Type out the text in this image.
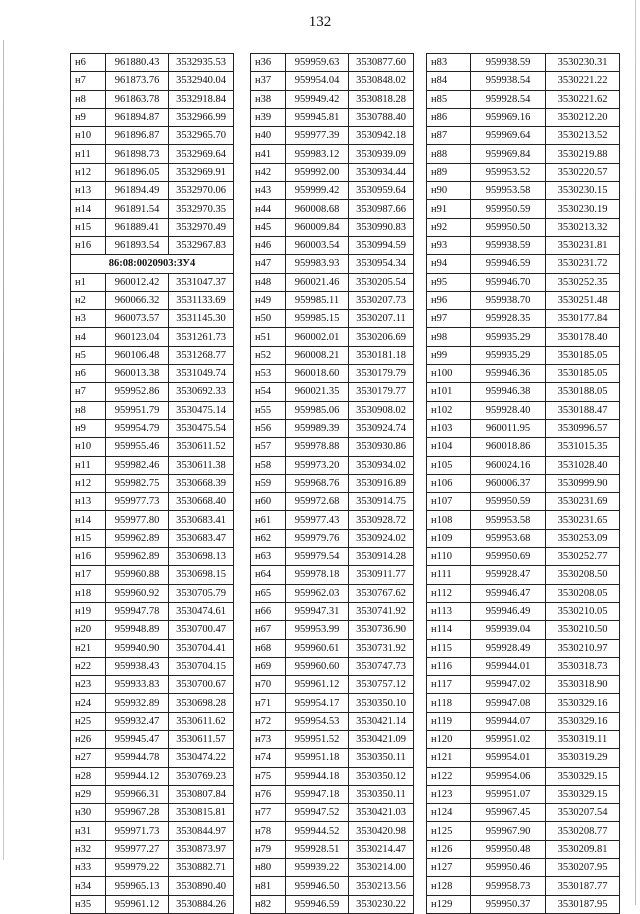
132
н6	961880.43	3532935.53
н7	961873.76	3532940.04
н8	961863.78	3532918.84
н9	961894.87	3532966.99
н10	961896.87	3532965.70
н11	961898.73	3532969.64
н12	961896.05	3532969.91
н13	961894.49	3532970.06
н14	961891.54	3532970.35
н15	961889.41	3532970.49
н16	961893.54	3532967.83
86:08:0020903:ЗУ4		
н1	960012.42	3531047.37
н2	960066.32	3531133.69
н3	960073.57	3531145.30
н4	960123.04	3531261.73
н5	960106.48	3531268.77
н6	960013.38	3531049.74
н7	959952.86	3530692.33
н8	959951.79	3530475.14
н9	959954.79	3530475.54
н10	959955.46	3530611.52
н11	959982.46	3530611.38
н12	959982.75	3530668.39
н13	959977.73	3530668.40
н14	959977.80	3530683.41
н15	959962.89	3530683.47
н16	959962.89	3530698.13
н17	959960.88	3530698.15
н18	959960.92	3530705.79
н19	959947.78	3530474.61
н20	959948.89	3530700.47
н21	959940.90	3530704.41
н22	959938.43	3530704.15
н23	959933.83	3530700.67
н24	959932.89	3530698.28
н25	959932.47	3530611.62
н26	959945.47	3530611.57
н27	959944.78	3530474.22
н28	959944.12	3530769.23
н29	959966.31	3530807.84
н30	959967.28	3530815.81
н31	959971.73	3530844.97
н32	959977.27	3530873.97
н33	959979.22	3530882.71
н34	959965.13	3530890.40
н35	959961.12	3530884.26
н36	959959.63	3530877.60
н37	959954.04	3530848.02
н38	959949.42	3530818.28
н39	959945.81	3530788.40
н40	959977.39	3530942.18
н41	959983.12	3530939.09
н42	959992.00	3530934.44
н43	959999.42	3530959.64
н44	960008.68	3530987.66
н45	960009.84	3530990.83
н46	960003.54	3530994.59
н47	959983.93	3530954.34
н48	960021.46	3530205.54
н49	959985.11	3530207.73
н50	959985.15	3530207.11
н51	960002.01	3530206.69
н52	960008.21	3530181.18
н53	960018.60	3530179.79
н54	960021.35	3530179.77
н55	959985.06	3530908.02
н56	959989.39	3530924.74
н57	959978.88	3530930.86
н58	959973.20	3530934.02
н59	959968.76	3530916.89
н60	959972.68	3530914.75
н61	959977.43	3530928.72
н62	959979.76	3530924.02
н63	959979.54	3530914.28
н64	959978.18	3530911.77
н65	959962.03	3530767.62
н66	959947.31	3530741.92
н67	959953.99	3530736.90
н68	959960.61	3530731.92
н69	959960.60	3530747.73
н70	959961.12	3530757.12
н71	959954.17	3530350.10
н72	959954.53	3530421.14
н73	959951.52	3530421.09
н74	959951.18	3530350.11
н75	959944.18	3530350.12
н76	959947.18	3530350.11
н77	959947.52	3530421.03
н78	959944.52	3530420.98
н79	959928.51	3530214.47
н80	959939.22	3530214.00
н81	959946.50	3530213.56
н82	959946.59	3530230.22
н83	959938.59	3530230.31
н84	959938.54	3530221.22
н85	959928.54	3530221.62
н86	959969.16	3530212.20
н87	959969.64	3530213.52
н88	959969.84	3530219.88
н89	959953.52	3530220.57
н90	959953.58	3530230.15
н91	959950.59	3530230.19
н92	959950.50	3530213.32
н93	959938.59	3530231.81
н94	959946.59	3530231.72
н95	959946.70	3530252.35
н96	959938.70	3530251.48
н97	959928.35	3530177.84
н98	959935.29	3530178.40
н99	959935.29	3530185.05
н100	959946.36	3530185.05
н101	959946.38	3530188.05
н102	959928.40	3530188.47
н103	960011.95	3530996.57
н104	960018.86	3531015.35
н105	960024.16	3531028.40
н106	960006.37	3530999.90
н107	959950.59	3530231.69
н108	959953.58	3530231.65
н109	959953.68	3530253.09
н110	959950.69	3530252.77
н111	959928.47	3530208.50
н112	959946.47	3530208.05
н113	959946.49	3530210.05
н114	959939.04	3530210.50
н115	959928.49	3530210.97
н116	959944.01	3530318.73
н117	959947.02	3530318.90
н118	959947.08	3530329.16
н119	959944.07	3530329.16
н120	959951.02	3530319.11
н121	959954.01	3530319.29
н122	959954.06	3530329.15
н123	959951.07	3530329.15
н124	959967.45	3530207.54
н125	959967.90	3530208.77
н126	959950.48	3530209.81
н127	959950.46	3530207.95
н128	959958.73	3530187.77
н129	959950.37	3530187.95
